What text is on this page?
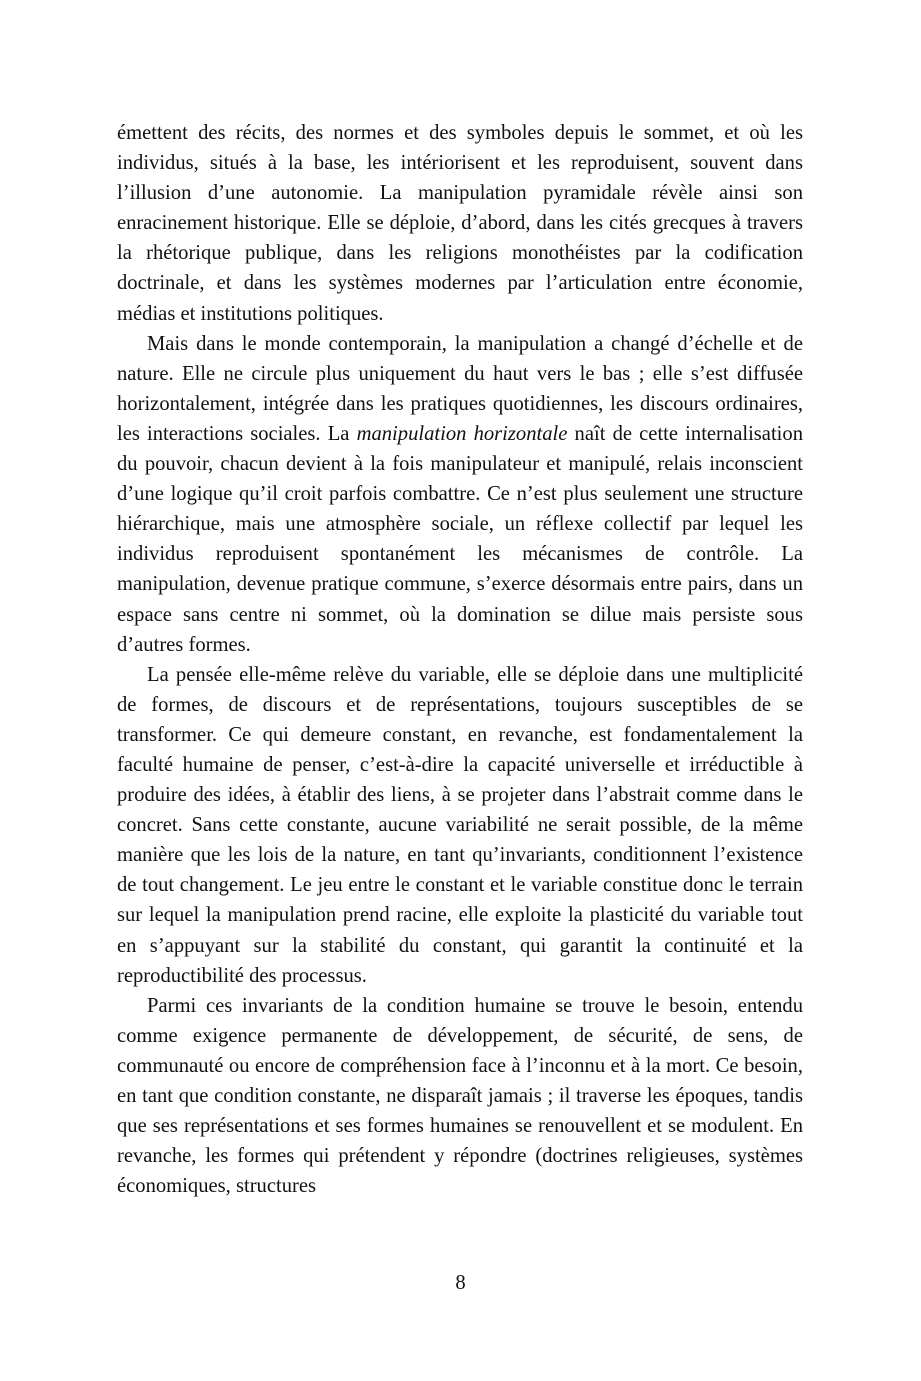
émettent des récits, des normes et des symboles depuis le sommet, et où les individus, situés à la base, les intériorisent et les reproduisent, souvent dans l’illusion d’une autonomie. La manipulation pyramidale révèle ainsi son enracinement historique. Elle se déploie, d’abord, dans les cités grecques à travers la rhétorique publique, dans les religions monothéistes par la codification doctrinale, et dans les systèmes modernes par l’articulation entre économie, médias et institutions politiques.

Mais dans le monde contemporain, la manipulation a changé d’échelle et de nature. Elle ne circule plus uniquement du haut vers le bas ; elle s’est diffusée horizontalement, intégrée dans les pratiques quotidiennes, les discours ordinaires, les interactions sociales. La manipulation horizontale naît de cette internalisation du pouvoir, chacun devient à la fois manipulateur et manipulé, relais inconscient d’une logique qu’il croit parfois combattre. Ce n’est plus seulement une structure hiérarchique, mais une atmosphère sociale, un réflexe collectif par lequel les individus reproduisent spontanément les mécanismes de contrôle. La manipulation, devenue pratique commune, s’exerce désormais entre pairs, dans un espace sans centre ni sommet, où la domination se dilue mais persiste sous d’autres formes.

La pensée elle-même relève du variable, elle se déploie dans une multiplicité de formes, de discours et de représentations, toujours susceptibles de se transformer. Ce qui demeure constant, en revanche, est fondamentalement la faculté humaine de penser, c’est-à-dire la capacité universelle et irréductible à produire des idées, à établir des liens, à se projeter dans l’abstrait comme dans le concret. Sans cette constante, aucune variabilité ne serait possible, de la même manière que les lois de la nature, en tant qu’invariants, conditionnent l’existence de tout changement. Le jeu entre le constant et le variable constitue donc le terrain sur lequel la manipulation prend racine, elle exploite la plasticité du variable tout en s’appuyant sur la stabilité du constant, qui garantit la continuité et la reproductibilité des processus.

Parmi ces invariants de la condition humaine se trouve le besoin, entendu comme exigence permanente de développement, de sécurité, de sens, de communauté ou encore de compréhension face à l’inconnu et à la mort. Ce besoin, en tant que condition constante, ne disparaît jamais ; il traverse les époques, tandis que ses représentations et ses formes humaines se renouvellent et se modulent. En revanche, les formes qui prétendent y répondre (doctrines religieuses, systèmes économiques, structures

8
